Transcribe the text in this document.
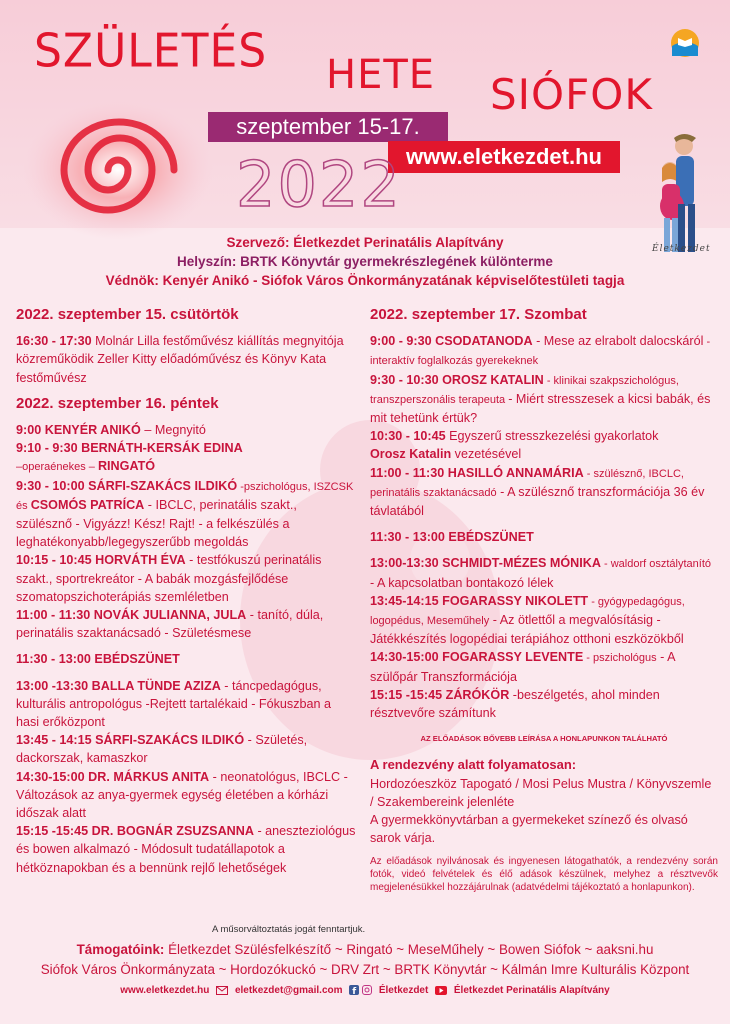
SZÜLETÉS HETE SIÓFOK
szeptember 15-17.
www.eletkezdet.hu
2022
Életkezdet
Szervező: Életkezdet Perinatális Alapítvány
Helyszín: BRTK Könyvtár gyermekrészlegének különterme
Védnök: Kenyér Anikó - Siófok Város Önkormányzatának képviselőtestületi tagja
2022. szeptember 15. csütörtök
16:30 - 17:30 Molnár Lilla festőművész kiállítás megnyitója közreműködik Zeller Kitty előadóművész és Könyv Kata festőművész
2022. szeptember 16. péntek
9:00 KENYÉR ANIKÓ – Megnyitó
9:10 - 9:30 BERNÁTH-KERSÁK EDINA
–operaénekes – RINGATÓ
9:30 - 10:00 SÁRFI-SZAKÁCS ILDIKÓ -pszichológus, ISZCSK és CSOMÓS PATRÍCA - IBCLC, perinatális szakt., szülésznő - Vigyázz! Kész! Rajt! - a felkészülés a leghatékonyabb/legegyszerűbb megoldás
10:15 - 10:45 HORVÁTH ÉVA - testfókuszú perinatális szakt., sportrekreátor - A babák mozgásfejlődése szomatopszichoterápiás szemléletben
11:00 - 11:30 NOVÁK JULIANNA, JULA - tanító, dúla, perinatális szaktanácsadó - Születésmese
11:30 - 13:00 EBÉDSZÜNET
13:00 -13:30 BALLA TÜNDE AZIZA - táncpedagógus, kulturális antropológus -Rejtett tartalékaid - Fókuszban a hasi erőközpont
13:45 - 14:15 SÁRFI-SZAKÁCS ILDIKÓ - Születés, dackorszak, kamaszkor
14:30-15:00 DR. MÁRKUS ANITA - neonatológus, IBCLC - Változások az anya-gyermek egység életében a kórházi időszak alatt
15:15 -15:45 DR. BOGNÁR ZSUZSANNA - aneszteziológus és bowen alkalmazó - Módosult tudatállapotok a hétköznapokban és a bennünk rejlő lehetőségek
2022. szeptember 17. Szombat
9:00 - 9:30 CSODATANODA - Mese az elrabolt dalocskáról - interaktív foglalkozás gyerekeknek
9:30 - 10:30 OROSZ KATALIN - klinikai szakpszichológus, transzperszonális terapeuta - Miért stresszesek a kicsi babák, és mit tehetünk értük?
10:30 - 10:45 Egyszerű stresszkezelési gyakorlatok
Orosz Katalin vezetésével
11:00 - 11:30 HASILLÓ ANNAMÁRIA - szülésznő, IBCLC, perinatális szaktanácsadó - A szülésznő transzformációja 36 év távlatából
11:30 - 13:00 EBÉDSZÜNET
13:00-13:30 SCHMIDT-MÉZES MÓNIKA - waldorf osztálytanító - A kapcsolatban bontakozó lélek
13:45-14:15 FOGARASSY NIKOLETT - gyógypedagógus, logopédus, Meseműhely - Az ötlettől a megvalósításig - Játékkészítés logopédiai terápiához otthoni eszközökből
14:30-15:00 FOGARASSY LEVENTE - pszichológus - A szülőpár Transzformációja
15:15 -15:45 ZÁRÓKÖR -beszélgetés, ahol minden résztvevőre számítunk
AZ ELŐADÁSOK BŐVEBB LEÍRÁSA A HONLAPUNKON TALÁLHATÓ
A rendezvény alatt folyamatosan:
Hordozóeszköz Tapogató / Mosi Pelus Mustra / Könyvszemle / Szakembereink jelenléte
A gyermekkönyvtárban a gyermekeket színező és olvasó sarok várja.
Az előadások nyilvánosak és ingyenesen látogathatók, a rendezvény során fotók, videó felvételek és élő adások készülnek, melyhez a résztvevők megjelenésükkel hozzájárulnak (adatvédelmi tájékoztató a honlapunkon).
A műsorváltoztatás jogát fenntartjuk.
Támogatóink: Életkezdet Szülésfelkészítő ~ Ringató ~ MeseMűhely ~ Bowen Siófok ~ aaksni.hu
Siófok Város Önkormányzata ~ Hordozókuckó ~ DRV Zrt ~ BRTK Könyvtár ~ Kálmán Imre Kulturális Központ
www.eletkezdet.hu	eletkezdet@gmail.com f Életkezdet	Életkezdet Perinatális Alapítvány
